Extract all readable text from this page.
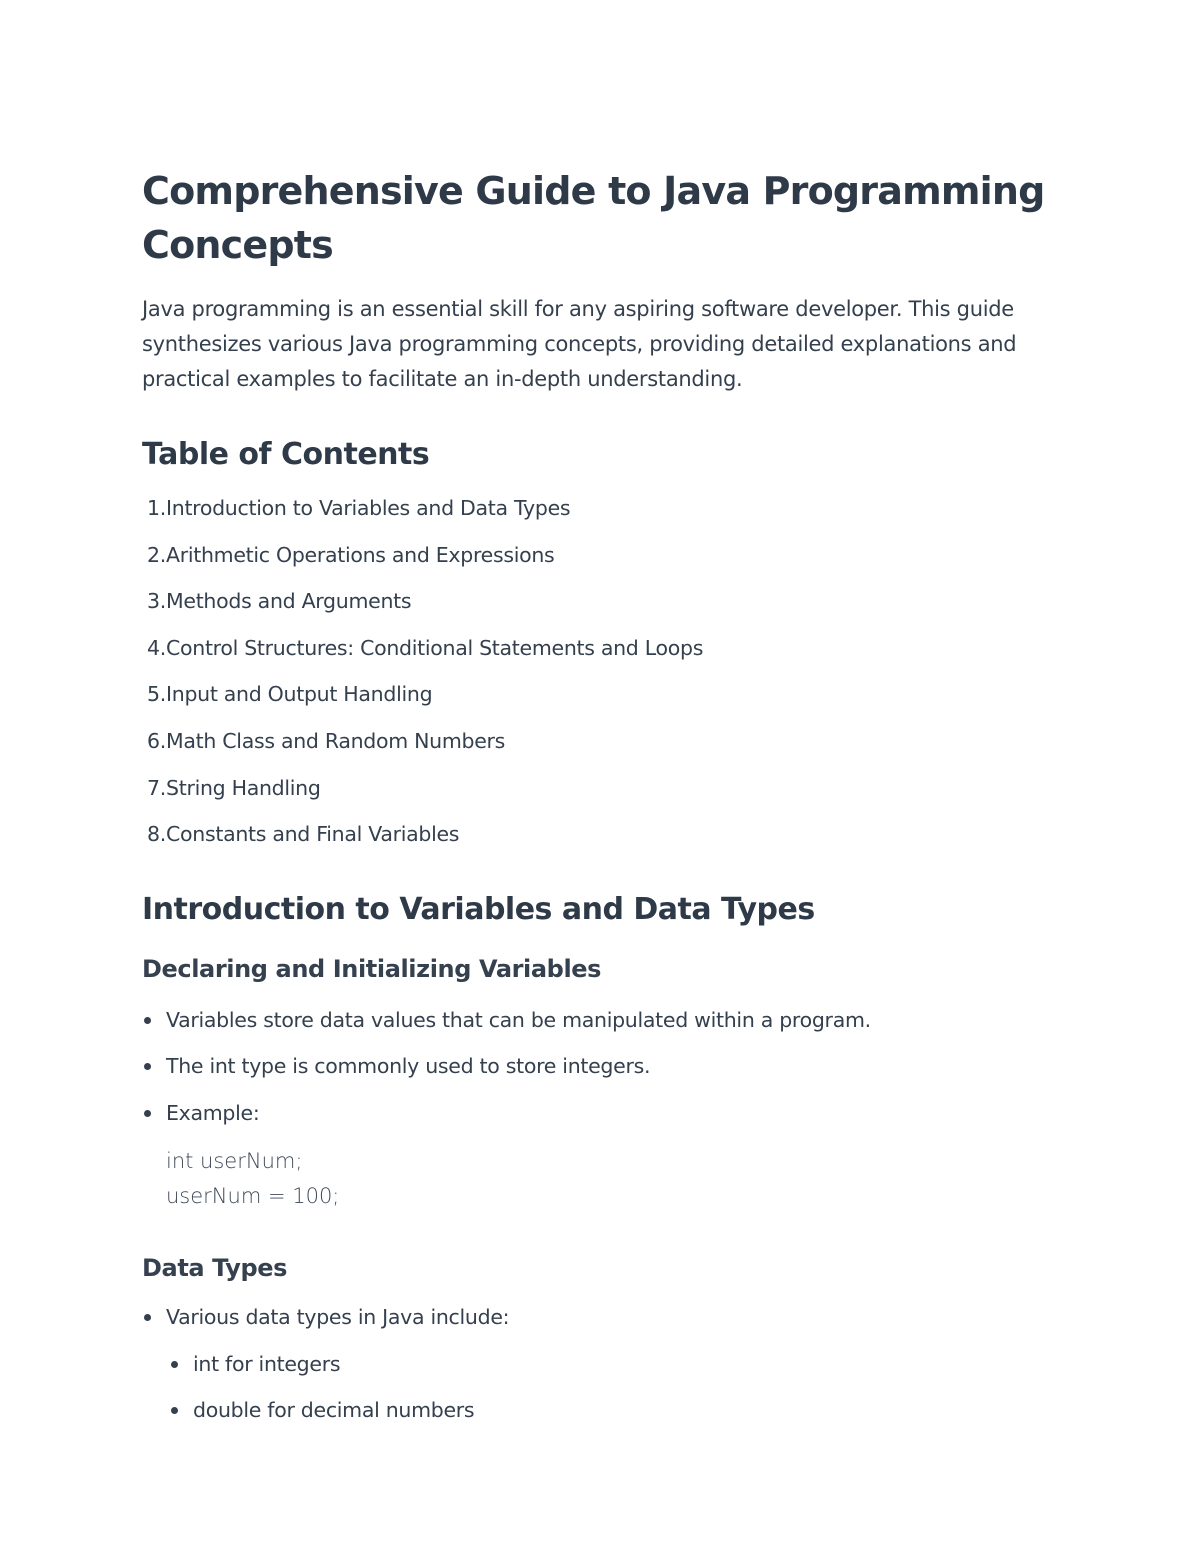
Comprehensive Guide to Java Programming Concepts

Java programming is an essential skill for any aspiring software developer. This guide synthesizes various Java programming concepts, providing detailed explanations and practical examples to facilitate an in-depth understanding.

Table of Contents
1. Introduction to Variables and Data Types
2. Arithmetic Operations and Expressions
3. Methods and Arguments
4. Control Structures: Conditional Statements and Loops
5. Input and Output Handling
6. Math Class and Random Numbers
7. String Handling
8. Constants and Final Variables
Introduction to Variables and Data Types
Declaring and Initializing Variables
Variables store data values that can be manipulated within a program.
The int type is commonly used to store integers.
Example:
int userNum;
userNum = 100;
Data Types
Various data types in Java include:
int for integers
double for decimal numbers
